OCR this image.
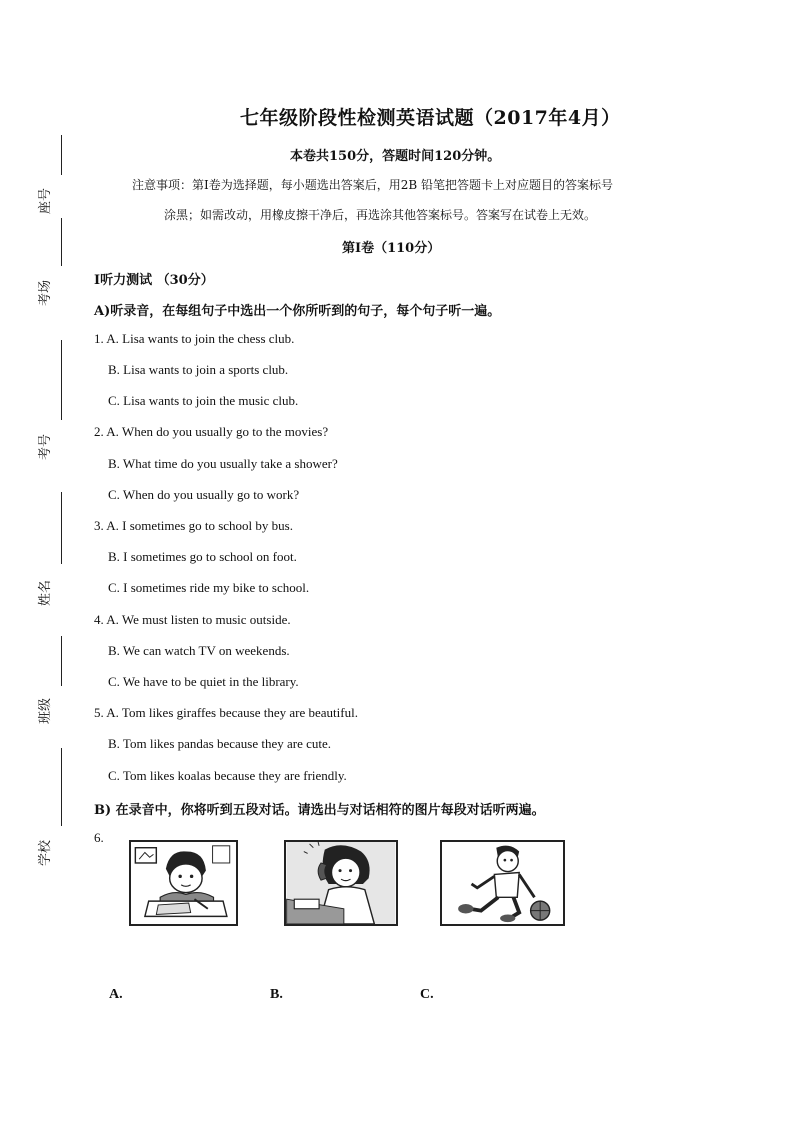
座号
考场
考号
姓名
班级
学校
七年级阶段性检测英语试题（2017年4月）
本卷共150分，答题时间120分钟。
注意事项：第Ⅰ卷为选择题，每小题选出答案后，用2B 铅笔把答题卡上对应题目的答案标号
涂黑；如需改动，用橡皮擦干净后，再选涂其他答案标号。答案写在试卷上无效。
第Ⅰ卷（110分）
I听力测试 （30分）
A)听录音，在每组句子中选出一个你所听到的句子，每个句子听一遍。
1. A. Lisa wants to join the chess club.
B. Lisa wants to join a sports club.
C. Lisa wants to join the music club.
2. A. When do you usually go to the movies?
B. What time do you usually take a shower?
C. When do you usually go to work?
3. A. I sometimes go to school by bus.
B. I sometimes go to school on foot.
C. I sometimes ride my bike to school.
4. A. We must listen to music outside.
B. We can watch TV on weekends.
C. We have to be quiet in the library.
5. A. Tom likes giraffes because they are beautiful.
B. Tom likes pandas because they are cute.
C. Tom likes koalas because they are friendly.
B) 在录音中，你将听到五段对话。请选出与对话相符的图片每段对话听两遍。
6.
A.	B.	C.
